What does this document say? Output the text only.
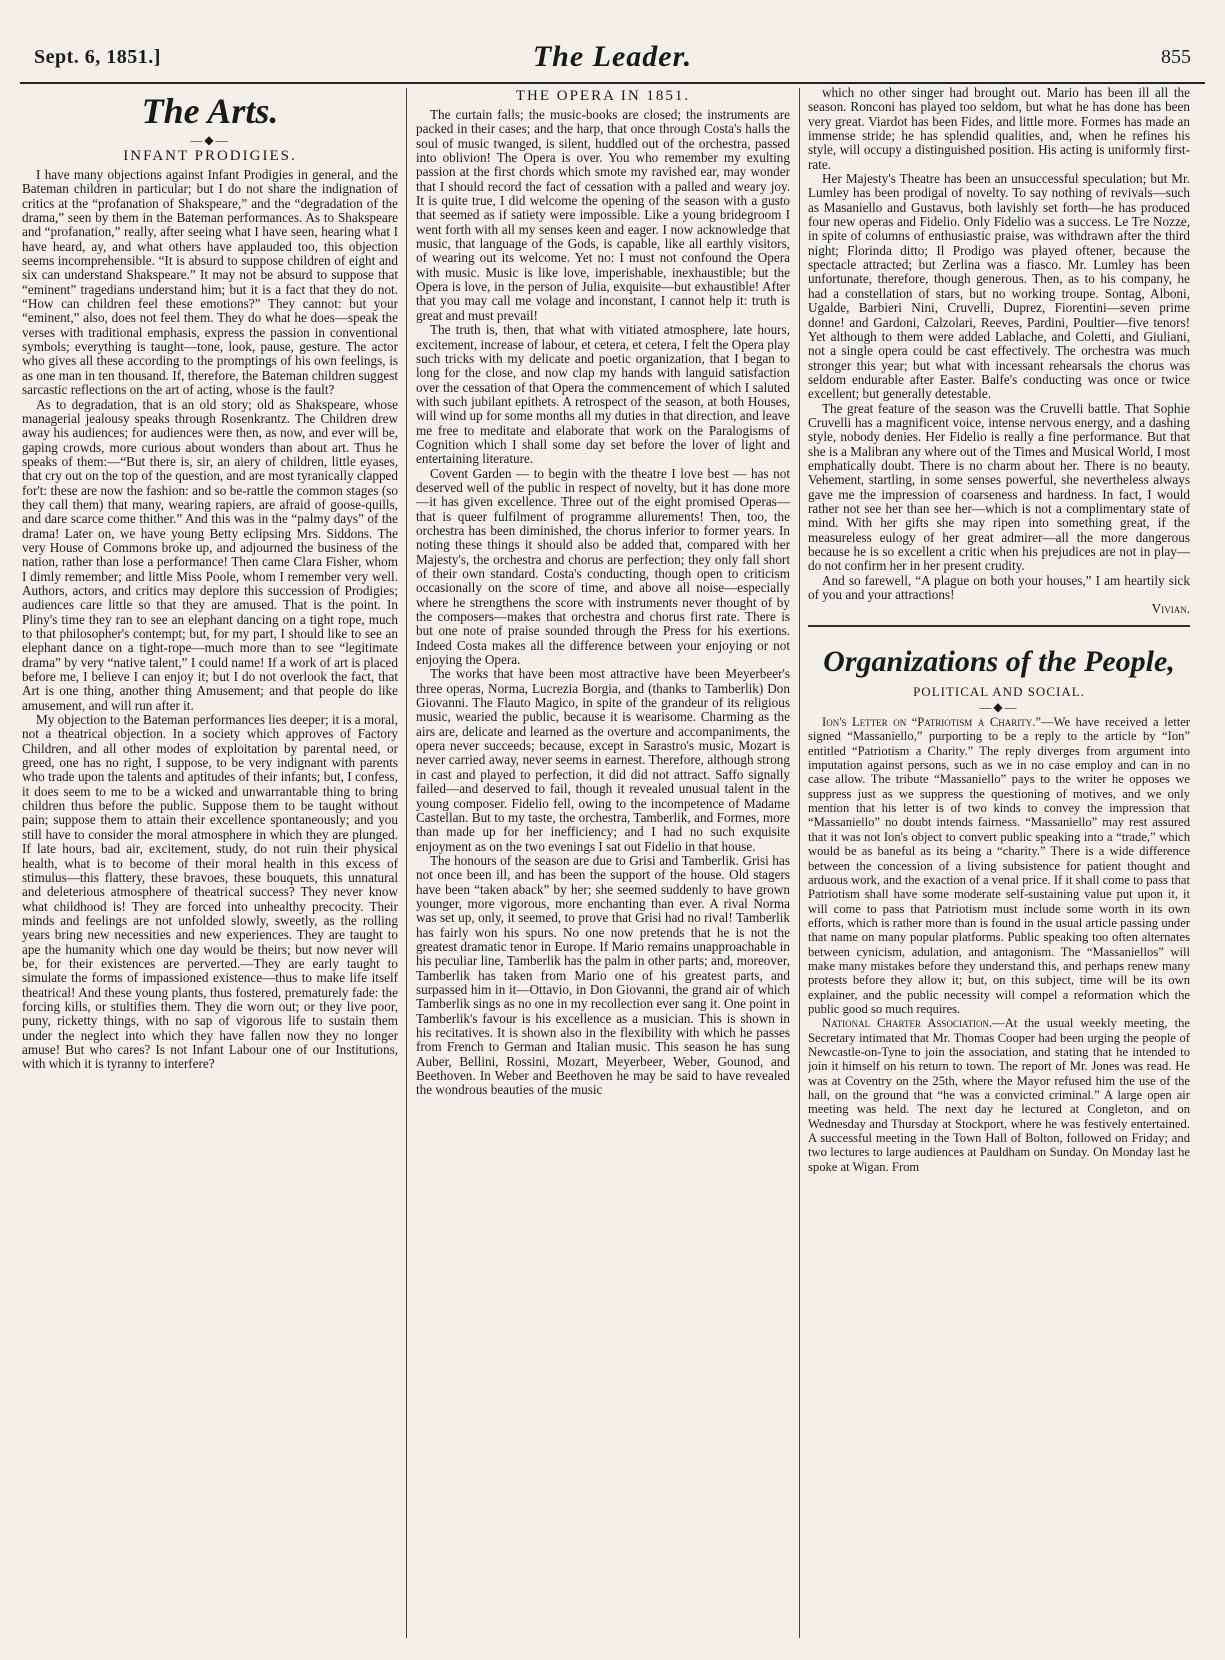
Sept. 6, 1851.]	The Leader.	855
The Arts.
—◆—
INFANT PRODIGIES.

I have many objections against Infant Prodigies in general, and the Bateman children in particular; but I do not share the indignation of critics at the “profanation of Shakspeare,” and the “degradation of the drama,” seen by them in the Bateman performances. As to Shakspeare and “profanation,” really, after seeing what I have seen, hearing what I have heard, ay, and what others have applauded too, this objection seems incomprehensible. “It is absurd to suppose children of eight and six can understand Shakspeare.” It may not be absurd to suppose that “eminent” tragedians understand him; but it is a fact that they do not. “How can children feel these emotions?” They cannot: but your “eminent,” also, does not feel them. They do what he does—speak the verses with traditional emphasis, express the passion in conventional symbols; everything is taught—tone, look, pause, gesture. The actor who gives all these according to the promptings of his own feelings, is as one man in ten thousand. If, therefore, the Bateman children suggest sarcastic reflections on the art of acting, whose is the fault?

As to degradation, that is an old story; old as Shakspeare, whose managerial jealousy speaks through Rosenkrantz. The Children drew away his audiences; for audiences were then, as now, and ever will be, gaping crowds, more curious about wonders than about art. Thus he speaks of them:—“But there is, sir, an aiery of children, little eyases, that cry out on the top of the question, and are most tyranically clapped for't: these are now the fashion: and so be-rattle the common stages (so they call them) that many, wearing rapiers, are afraid of goose-quills, and dare scarce come thither.” And this was in the “palmy days” of the drama! Later on, we have young Betty eclipsing Mrs. Siddons. The very House of Commons broke up, and adjourned the business of the nation, rather than lose a performance! Then came Clara Fisher, whom I dimly remember; and little Miss Poole, whom I remember very well. Authors, actors, and critics may deplore this succession of Prodigies; audiences care little so that they are amused. That is the point. In Pliny's time they ran to see an elephant dancing on a tight rope, much to that philosopher's contempt; but, for my part, I should like to see an elephant dance on a tight-rope—much more than to see “legitimate drama” by very “native talent,” I could name! If a work of art is placed before me, I believe I can enjoy it; but I do not overlook the fact, that Art is one thing, another thing Amusement; and that people do like amusement, and will run after it.

My objection to the Bateman performances lies deeper; it is a moral, not a theatrical objection. In a society which approves of Factory Children, and all other modes of exploitation by parental need, or greed, one has no right, I suppose, to be very indignant with parents who trade upon the talents and aptitudes of their infants; but, I confess, it does seem to me to be a wicked and unwarrantable thing to bring children thus before the public. Suppose them to be taught without pain; suppose them to attain their excellence spontaneously; and you still have to consider the moral atmosphere in which they are plunged. If late hours, bad air, excitement, study, do not ruin their physical health, what is to become of their moral health in this excess of stimulus—this flattery, these bravoes, these bouquets, this unnatural and deleterious atmosphere of theatrical success? They never know what childhood is! They are forced into unhealthy precocity. Their minds and feelings are not unfolded slowly, sweetly, as the rolling years bring new necessities and new experiences. They are taught to ape the humanity which one day would be theirs; but now never will be, for their existences are perverted.—They are early taught to simulate the forms of impassioned existence—thus to make life itself theatrical! And these young plants, thus fostered, prematurely fade: the forcing kills, or stultifies them. They die worn out; or they live poor, puny, ricketty things, with no sap of vigorous life to sustain them under the neglect into which they have fallen now they no longer amuse! But who cares? Is not Infant Labour one of our Institutions, with which it is tyranny to interfere?

THE OPERA IN 1851.

The curtain falls; the music-books are closed; the instruments are packed in their cases; and the harp, that once through Costa's halls the soul of music twanged, is silent, huddled out of the orchestra, passed into oblivion! The Opera is over. You who remember my exulting passion at the first chords which smote my ravished ear, may wonder that I should record the fact of cessation with a palled and weary joy. It is quite true, I did welcome the opening of the season with a gusto that seemed as if satiety were impossible. Like a young bridegroom I went forth with all my senses keen and eager. I now acknowledge that music, that language of the Gods, is capable, like all earthly visitors, of wearing out its welcome. Yet no: I must not confound the Opera with music. Music is like love, imperishable, inexhaustible; but the Opera is love, in the person of Julia, exquisite—but exhaustible! After that you may call me volage and inconstant, I cannot help it: truth is great and must prevail!

The truth is, then, that what with vitiated atmosphere, late hours, excitement, increase of labour, et cetera, et cetera, I felt the Opera play such tricks with my delicate and poetic organization, that I began to long for the close, and now clap my hands with languid satisfaction over the cessation of that Opera the commencement of which I saluted with such jubilant epithets. A retrospect of the season, at both Houses, will wind up for some months all my duties in that direction, and leave me free to meditate and elaborate that work on the Paralogisms of Cognition which I shall some day set before the lover of light and entertaining literature.

Covent Garden — to begin with the theatre I love best — has not deserved well of the public in respect of novelty, but it has done more—it has given excellence. Three out of the eight promised Operas—that is queer fulfilment of programme allurements! Then, too, the orchestra has been diminished, the chorus inferior to former years. In noting these things it should also be added that, compared with her Majesty's, the orchestra and chorus are perfection; they only fall short of their own standard. Costa's conducting, though open to criticism occasionally on the score of time, and above all noise—especially where he strengthens the score with instruments never thought of by the composers—makes that orchestra and chorus first rate. There is but one note of praise sounded through the Press for his exertions. Indeed Costa makes all the difference between your enjoying or not enjoying the Opera.

The works that have been most attractive have been Meyerbeer's three operas, Norma, Lucrezia Borgia, and (thanks to Tamberlik) Don Giovanni. The Flauto Magico, in spite of the grandeur of its religious music, wearied the public, because it is wearisome. Charming as the airs are, delicate and learned as the overture and accompaniments, the opera never succeeds; because, except in Sarastro's music, Mozart is never carried away, never seems in earnest. Therefore, although strong in cast and played to perfection, it did did not attract. Saffo signally failed—and deserved to fail, though it revealed unusual talent in the young composer. Fidelio fell, owing to the incompetence of Madame Castellan. But to my taste, the orchestra, Tamberlik, and Formes, more than made up for her inefficiency; and I had no such exquisite enjoyment as on the two evenings I sat out Fidelio in that house.

The honours of the season are due to Grisi and Tamberlik. Grisi has not once been ill, and has been the support of the house. Old stagers have been “taken aback” by her; she seemed suddenly to have grown younger, more vigorous, more enchanting than ever. A rival Norma was set up, only, it seemed, to prove that Grisi had no rival! Tamberlik has fairly won his spurs. No one now pretends that he is not the greatest dramatic tenor in Europe. If Mario remains unapproachable in his peculiar line, Tamberlik has the palm in other parts; and, moreover, Tamberlik has taken from Mario one of his greatest parts, and surpassed him in it—Ottavio, in Don Giovanni, the grand air of which Tamberlik sings as no one in my recollection ever sang it. One point in Tamberlik's favour is his excellence as a musician. This is shown in his recitatives. It is shown also in the flexibility with which he passes from French to German and Italian music. This season he has sung Auber, Bellini, Rossini, Mozart, Meyerbeer, Weber, Gounod, and Beethoven. In Weber and Beethoven he may be said to have revealed the wondrous beauties of the music

which no other singer had brought out. Mario has been ill all the season. Ronconi has played too seldom, but what he has done has been very great. Viardot has been Fides, and little more. Formes has made an immense stride; he has splendid qualities, and, when he refines his style, will occupy a distinguished position. His acting is uniformly first-rate.

Her Majesty's Theatre has been an unsuccessful speculation; but Mr. Lumley has been prodigal of novelty. To say nothing of revivals—such as Masaniello and Gustavus, both lavishly set forth—he has produced four new operas and Fidelio. Only Fidelio was a success. Le Tre Nozze, in spite of columns of enthusiastic praise, was withdrawn after the third night; Florinda ditto; Il Prodigo was played oftener, because the spectacle attracted; but Zerlina was a fiasco. Mr. Lumley has been unfortunate, therefore, though generous. Then, as to his company, he had a constellation of stars, but no working troupe. Sontag, Alboni, Ugalde, Barbieri Nini, Cruvelli, Duprez, Fiorentini—seven prime donne! and Gardoni, Calzolari, Reeves, Pardini, Poultier—five tenors! Yet although to them were added Lablache, and Coletti, and Giuliani, not a single opera could be cast effectively. The orchestra was much stronger this year; but what with incessant rehearsals the chorus was seldom endurable after Easter. Balfe's conducting was once or twice excellent; but generally detestable.

The great feature of the season was the Cruvelli battle. That Sophie Cruvelli has a magnificent voice, intense nervous energy, and a dashing style, nobody denies. Her Fidelio is really a fine performance. But that she is a Malibran any where out of the Times and Musical World, I most emphatically doubt. There is no charm about her. There is no beauty. Vehement, startling, in some senses powerful, she nevertheless always gave me the impression of coarseness and hardness. In fact, I would rather not see her than see her—which is not a complimentary state of mind. With her gifts she may ripen into something great, if the measureless eulogy of her great admirer—all the more dangerous because he is so excellent a critic when his prejudices are not in play—do not confirm her in her present crudity.

And so farewell, “A plague on both your houses,” I am heartily sick of you and your attractions!

Vivian.
Organizations of the People,
POLITICAL AND SOCIAL.
—◆—

Ion's Letter on “Patriotism a Charity.”—We have received a letter signed “Massaniello,” purporting to be a reply to the article by “Ion” entitled “Patriotism a Charity.” The reply diverges from argument into imputation against persons, such as we in no case employ and can in no case allow. The tribute “Massaniello” pays to the writer he opposes we suppress just as we suppress the questioning of motives, and we only mention that his letter is of two kinds to convey the impression that “Massaniello” no doubt intends fairness. “Massaniello” may rest assured that it was not Ion's object to convert public speaking into a “trade,” which would be as baneful as its being a “charity.” There is a wide difference between the concession of a living subsistence for patient thought and arduous work, and the exaction of a venal price. If it shall come to pass that Patriotism shall have some moderate self-sustaining value put upon it, it will come to pass that Patriotism must include some worth in its own efforts, which is rather more than is found in the usual article passing under that name on many popular platforms. Public speaking too often alternates between cynicism, adulation, and antagonism. The “Massaniellos” will make many mistakes before they understand this, and perhaps renew many protests before they allow it; but, on this subject, time will be its own explainer, and the public necessity will compel a reformation which the public good so much requires.

National Charter Association.—At the usual weekly meeting, the Secretary intimated that Mr. Thomas Cooper had been urging the people of Newcastle-on-Tyne to join the association, and stating that he intended to join it himself on his return to town. The report of Mr. Jones was read. He was at Coventry on the 25th, where the Mayor refused him the use of the hall, on the ground that “he was a convicted criminal.” A large open air meeting was held. The next day he lectured at Congleton, and on Wednesday and Thursday at Stockport, where he was festively entertained. A successful meeting in the Town Hall of Bolton, followed on Friday; and two lectures to large audiences at Pauldham on Sunday. On Monday last he spoke at Wigan. From
